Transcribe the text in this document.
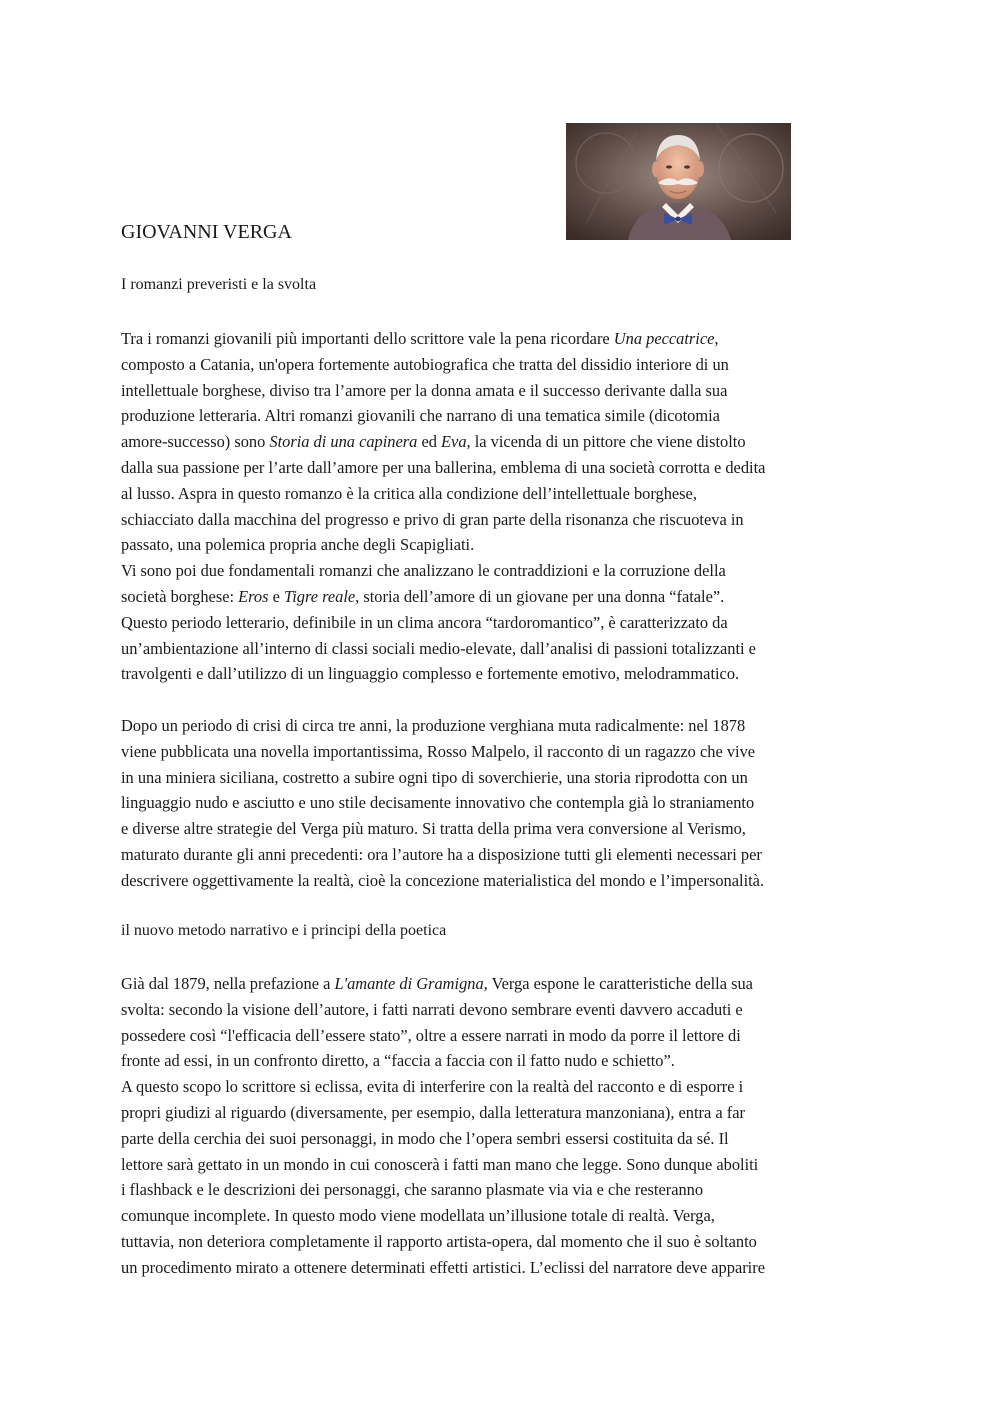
GIOVANNI VERGA
I romanzi preveristi e la svolta
Tra i romanzi giovanili più importanti dello scrittore vale la pena ricordare Una peccatrice,
composto a Catania, un'opera fortemente autobiografica che tratta del dissidio interiore di un
intellettuale borghese, diviso tra l’amore per la donna amata e il successo derivante dalla sua
produzione letteraria. Altri romanzi giovanili che narrano di una tematica simile (dicotomia
amore-successo) sono Storia di una capinera ed Eva, la vicenda di un pittore che viene distolto
dalla sua passione per l’arte dall’amore per una ballerina, emblema di una società corrotta e dedita
al lusso. Aspra in questo romanzo è la critica alla condizione dell’intellettuale borghese,
schiacciato dalla macchina del progresso e privo di gran parte della risonanza che riscuoteva in
passato, una polemica propria anche degli Scapigliati.
Vi sono poi due fondamentali romanzi che analizzano le contraddizioni e la corruzione della
società borghese: Eros e Tigre reale, storia dell’amore di un giovane per una donna “fatale”.
Questo periodo letterario, definibile in un clima ancora “tardoromantico”, è caratterizzato da
un’ambientazione all’interno di classi sociali medio-elevate, dall’analisi di passioni totalizzanti e
travolgenti e dall’utilizzo di un linguaggio complesso e fortemente emotivo, melodrammatico.
Dopo un periodo di crisi di circa tre anni, la produzione verghiana muta radicalmente: nel 1878
viene pubblicata una novella importantissima, Rosso Malpelo, il racconto di un ragazzo che vive
in una miniera siciliana, costretto a subire ogni tipo di soverchierie, una storia riprodotta con un
linguaggio nudo e asciutto e uno stile decisamente innovativo che contempla già lo straniamento
e diverse altre strategie del Verga più maturo. Si tratta della prima vera conversione al Verismo,
maturato durante gli anni precedenti: ora l’autore ha a disposizione tutti gli elementi necessari per
descrivere oggettivamente la realtà, cioè la concezione materialistica del mondo e l’impersonalità.
il nuovo metodo narrativo e i principi della poetica
Già dal 1879, nella prefazione a L'amante di Gramigna, Verga espone le caratteristiche della sua
svolta: secondo la visione dell’autore, i fatti narrati devono sembrare eventi davvero accaduti e
possedere così “l'efficacia dell’essere stato”, oltre a essere narrati in modo da porre il lettore di
fronte ad essi, in un confronto diretto, a “faccia a faccia con il fatto nudo e schietto”.
A questo scopo lo scrittore si eclissa, evita di interferire con la realtà del racconto e di esporre i
propri giudizi al riguardo (diversamente, per esempio, dalla letteratura manzoniana), entra a far
parte della cerchia dei suoi personaggi, in modo che l’opera sembri essersi costituita da sé. Il
lettore sarà gettato in un mondo in cui conoscerà i fatti man mano che legge. Sono dunque aboliti
i flashback e le descrizioni dei personaggi, che saranno plasmate via via e che resteranno
comunque incomplete. In questo modo viene modellata un’illusione totale di realtà. Verga,
tuttavia, non deteriora completamente il rapporto artista-opera, dal momento che il suo è soltanto
un procedimento mirato a ottenere determinati effetti artistici. L’eclissi del narratore deve apparire
